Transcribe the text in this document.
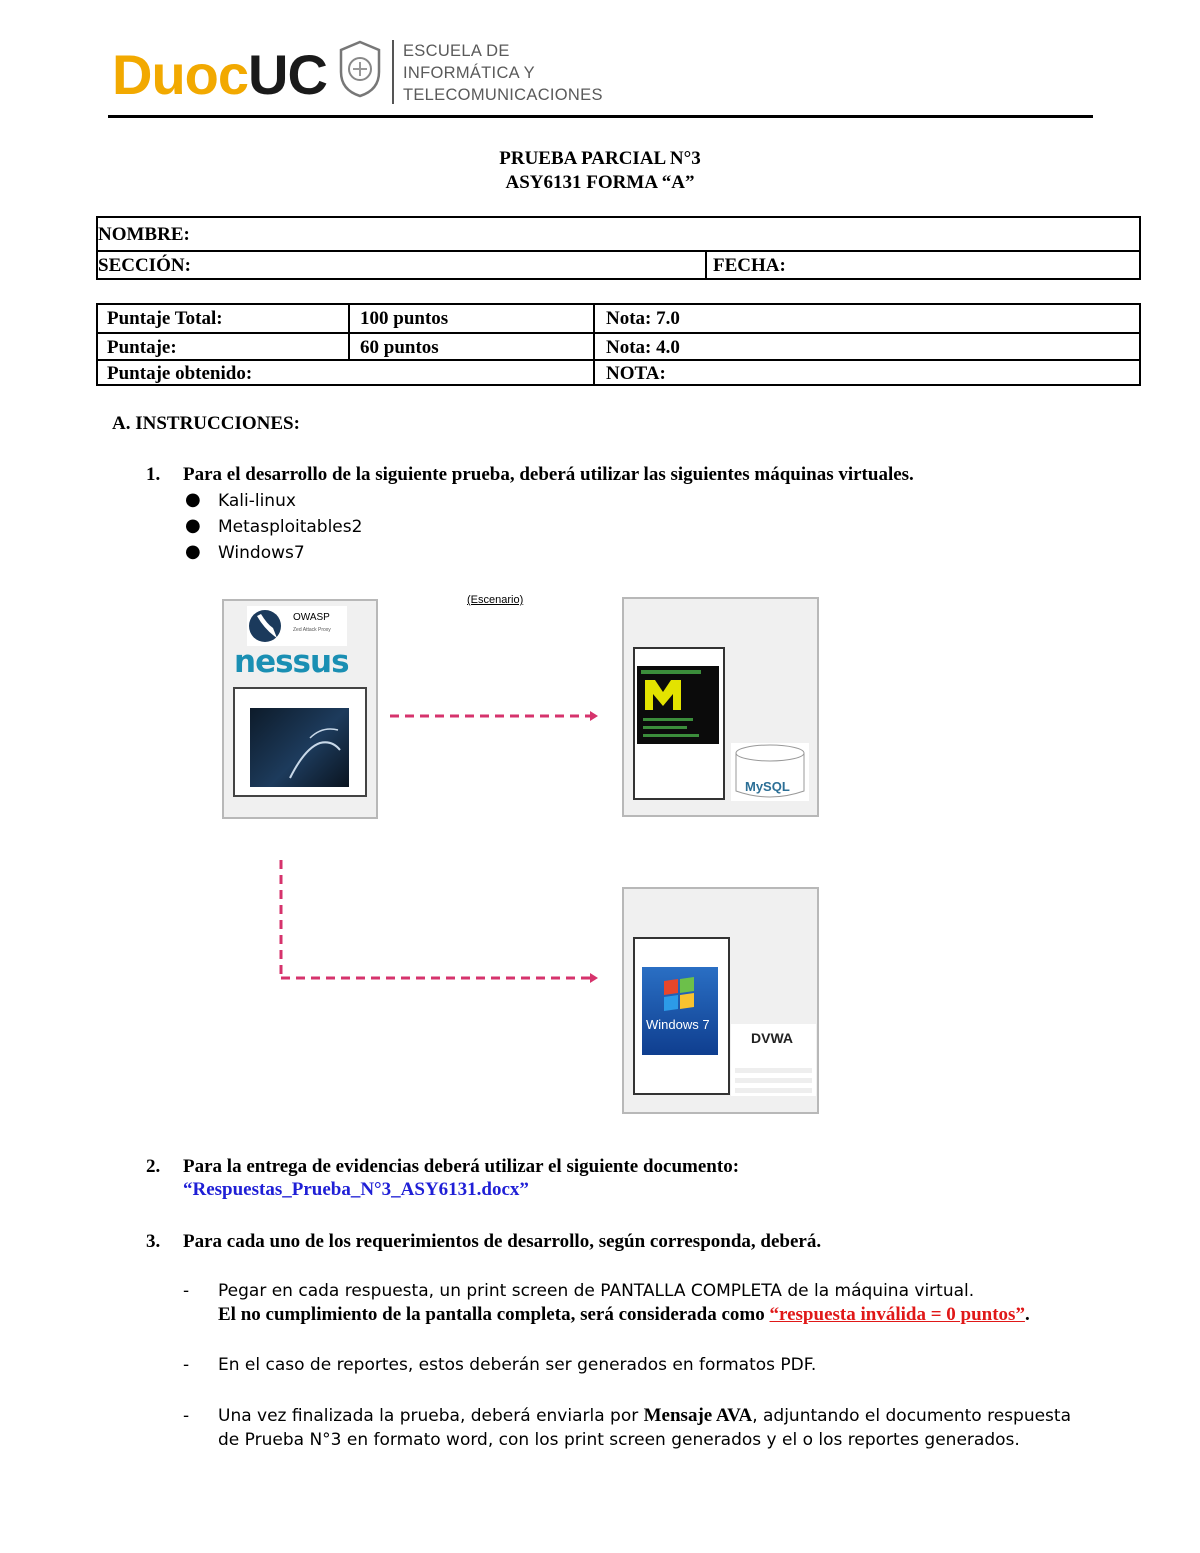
DuocUC	ESCUELA DE
INFORMÁTICA Y
TELECOMUNICACIONES
PRUEBA PARCIAL N°3
ASY6131 FORMA “A”
NOMBRE:
SECCIÓN:	FECHA:
Puntaje Total:	100 puntos	Nota: 7.0
Puntaje:	60 puntos	Nota: 4.0
Puntaje obtenido:	NOTA:
A. INSTRUCCIONES:
1. Para el desarrollo de la siguiente prueba, deberá utilizar las siguientes máquinas virtuales.
● Kali-linux
● Metasploitables2
● Windows7
(Escenario)
OWASP
Zed Attack Proxy
nessus
MySQL
Windows 7
DVWA
2. Para la entrega de evidencias deberá utilizar el siguiente documento:
“Respuestas_Prueba_N°3_ASY6131.docx”
3. Para cada uno de los requerimientos de desarrollo, según corresponda, deberá.
- Pegar en cada respuesta, un print screen de PANTALLA COMPLETA de la máquina virtual.
El no cumplimiento de la pantalla completa, será considerada como “respuesta inválida = 0 puntos”.
- En el caso de reportes, estos deberán ser generados en formatos PDF.
- Una vez finalizada la prueba, deberá enviarla por Mensaje AVA, adjuntando el documento respuesta
de Prueba N°3 en formato word, con los print screen generados y el o los reportes generados.
